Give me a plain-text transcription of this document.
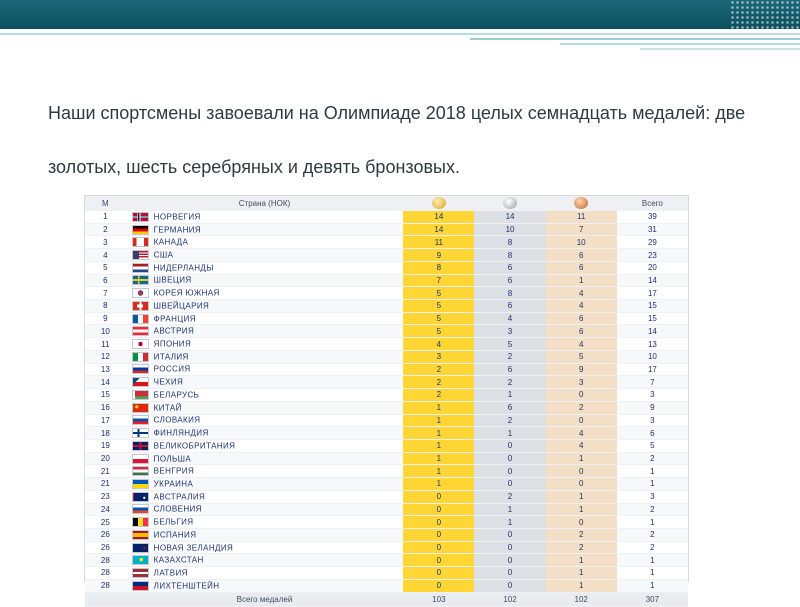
Наши спортсмены завоевали на Олимпиаде 2018 целых семнадцать медалей: две золотых, шесть серебряных и девять бронзовых.

М	Страна (НОК)				Всего
1	НОРВЕГИЯ	14	14	11	39
2	ГЕРМАНИЯ	14	10	7	31
3	КАНАДА	11	8	10	29
4	США	9	8	6	23
5	НИДЕРЛАНДЫ	8	6	6	20
6	ШВЕЦИЯ	7	6	1	14
7	КОРЕЯ ЮЖНАЯ	5	8	4	17
8	ШВЕЙЦАРИЯ	5	6	4	15
9	ФРАНЦИЯ	5	4	6	15
10	АВСТРИЯ	5	3	6	14
11	ЯПОНИЯ	4	5	4	13
12	ИТАЛИЯ	3	2	5	10
13	РОССИЯ	2	6	9	17
14	ЧЕХИЯ	2	2	3	7
15	БЕЛАРУСЬ	2	1	0	3
16	КИТАЙ	1	6	2	9
17	СЛОВАКИЯ	1	2	0	3
18	ФИНЛЯНДИЯ	1	1	4	6
19	ВЕЛИКОБРИТАНИЯ	1	0	4	5
20	ПОЛЬША	1	0	1	2
21	ВЕНГРИЯ	1	0	0	1
21	УКРАИНА	1	0	0	1
23	АВСТРАЛИЯ	0	2	1	3
24	СЛОВЕНИЯ	0	1	1	2
25	БЕЛЬГИЯ	0	1	0	1
26	ИСПАНИЯ	0	0	2	2
26	НОВАЯ ЗЕЛАНДИЯ	0	0	2	2
28	КАЗАХСТАН	0	0	1	1
28	ЛАТВИЯ	0	0	1	1
28	ЛИХТЕНШТЕЙН	0	0	1	1
	Всего медалей	103	102	102	307
